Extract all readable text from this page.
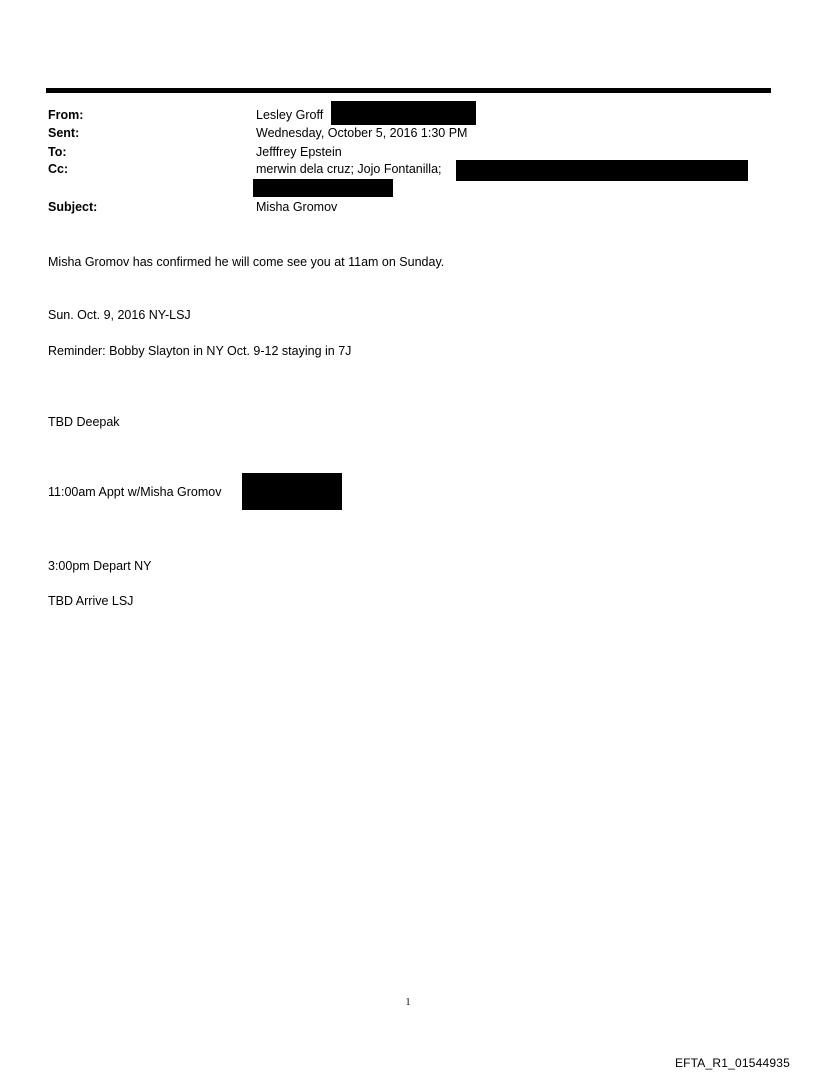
From:	Lesley Groff
Sent:	Wednesday, October 5, 2016 1:30 PM
To:	Jefffrey Epstein
Cc:	merwin dela cruz; Jojo Fontanilla;
Subject:	Misha Gromov
Misha Gromov has confirmed he will come see you at 11am on Sunday.
Sun. Oct. 9, 2016 NY-LSJ
Reminder: Bobby Slayton in NY Oct. 9-12 staying in 7J
TBD Deepak
11:00am Appt w/Misha Gromov
3:00pm Depart NY
TBD Arrive LSJ
1
EFTA_R1_01544935
